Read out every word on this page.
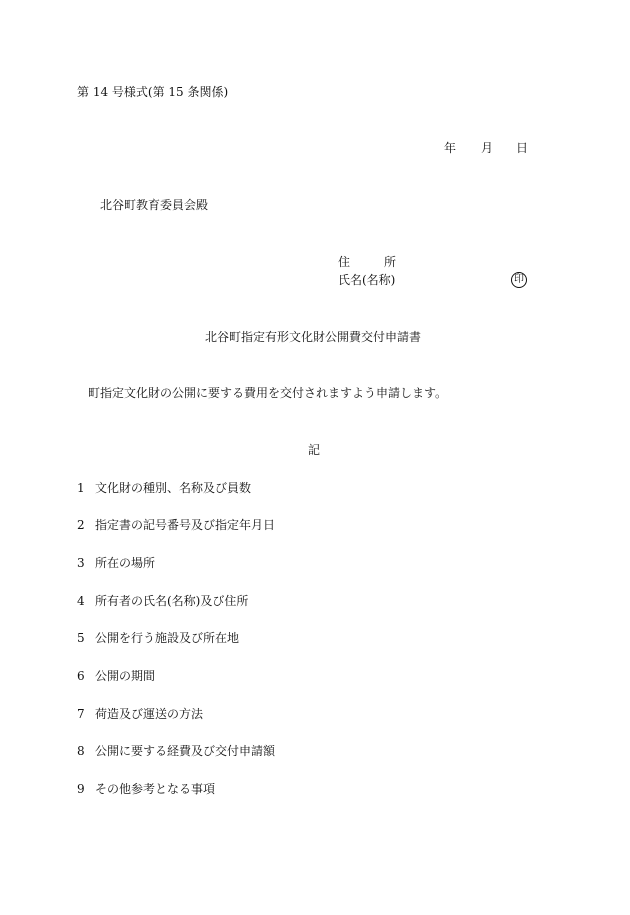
第 14 号様式(第 15 条関係)
年 月 日
北谷町教育委員会殿
住	所
氏名(名称)	印
北谷町指定有形文化財公開費交付申請書
町指定文化財の公開に要する費用を交付されますよう申請します。
記
1 文化財の種別、名称及び員数
2 指定書の記号番号及び指定年月日
3 所在の場所
4 所有者の氏名(名称)及び住所
5 公開を行う施設及び所在地
6 公開の期間
7 荷造及び運送の方法
8 公開に要する経費及び交付申請額
9 その他参考となる事項
